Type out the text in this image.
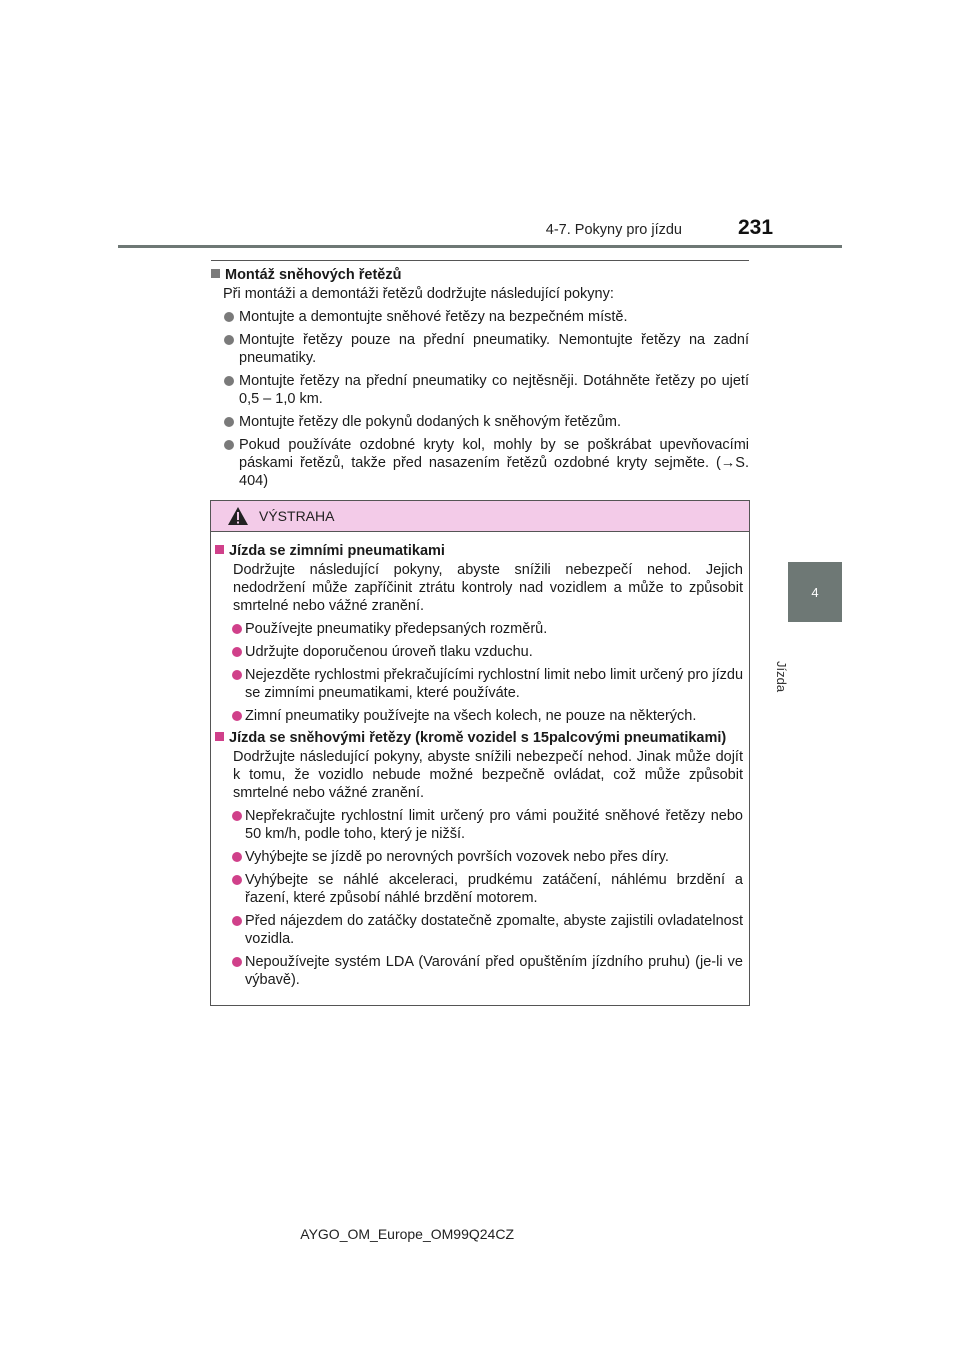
4-7. Pokyny pro jízdu	231
4
Jízda
Montáž sněhových řetězů
Při montáži a demontáži řetězů dodržujte následující pokyny:
Montujte a demontujte sněhové řetězy na bezpečném místě.
Montujte řetězy pouze na přední pneumatiky. Nemontujte řetězy na zadní pneumatiky.
Montujte řetězy na přední pneumatiky co nejtěsněji. Dotáhněte řetězy po ujetí 0,5 – 1,0 km.
Montujte řetězy dle pokynů dodaných k sněhovým řetězům.
Pokud používáte ozdobné kryty kol, mohly by se poškrábat upevňovacími páskami řetězů, takže před nasazením řetězů ozdobné kryty sejměte. (→S. 404)
VÝSTRAHA
Jízda se zimními pneumatikami
Dodržujte následující pokyny, abyste snížili nebezpečí nehod. Jejich nedodržení může zapříčinit ztrátu kontroly nad vozidlem a může to způsobit smrtelné nebo vážné zranění.
Používejte pneumatiky předepsaných rozměrů.
Udržujte doporučenou úroveň tlaku vzduchu.
Nejezděte rychlostmi překračujícími rychlostní limit nebo limit určený pro jízdu se zimními pneumatikami, které používáte.
Zimní pneumatiky používejte na všech kolech, ne pouze na některých.
Jízda se sněhovými řetězy (kromě vozidel s 15palcovými pneumatikami)
Dodržujte následující pokyny, abyste snížili nebezpečí nehod. Jinak může dojít k tomu, že vozidlo nebude možné bezpečně ovládat, což může způsobit smrtelné nebo vážné zranění.
Nepřekračujte rychlostní limit určený pro vámi použité sněhové řetězy nebo 50 km/h, podle toho, který je nižší.
Vyhýbejte se jízdě po nerovných površích vozovek nebo přes díry.
Vyhýbejte se náhlé akceleraci, prudkému zatáčení, náhlému brzdění a řazení, které způsobí náhlé brzdění motorem.
Před nájezdem do zatáčky dostatečně zpomalte, abyste zajistili ovladatelnost vozidla.
Nepoužívejte systém LDA (Varování před opuštěním jízdního pruhu) (je-li ve výbavě).
AYGO_OM_Europe_OM99Q24CZ
